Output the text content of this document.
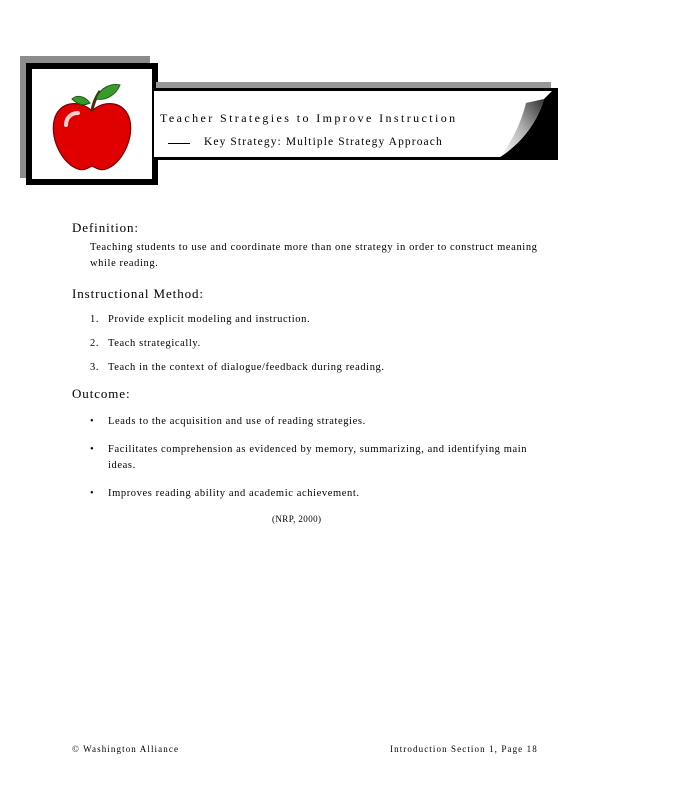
Teacher Strategies to Improve Instruction
Key Strategy: Multiple Strategy Approach
Definition:
Teaching students to use and coordinate more than one strategy in order to construct meaning while reading.
Instructional Method:
1. Provide explicit modeling and instruction.
2. Teach strategically.
3. Teach in the context of dialogue/feedback during reading.
Outcome:
•	Leads to the acquisition and use of reading strategies.
•	Facilitates comprehension as evidenced by memory, summarizing, and identifying main ideas.
•	Improves reading ability and academic achievement.
(NRP, 2000)
© Washington Alliance	Introduction Section 1, Page 18
